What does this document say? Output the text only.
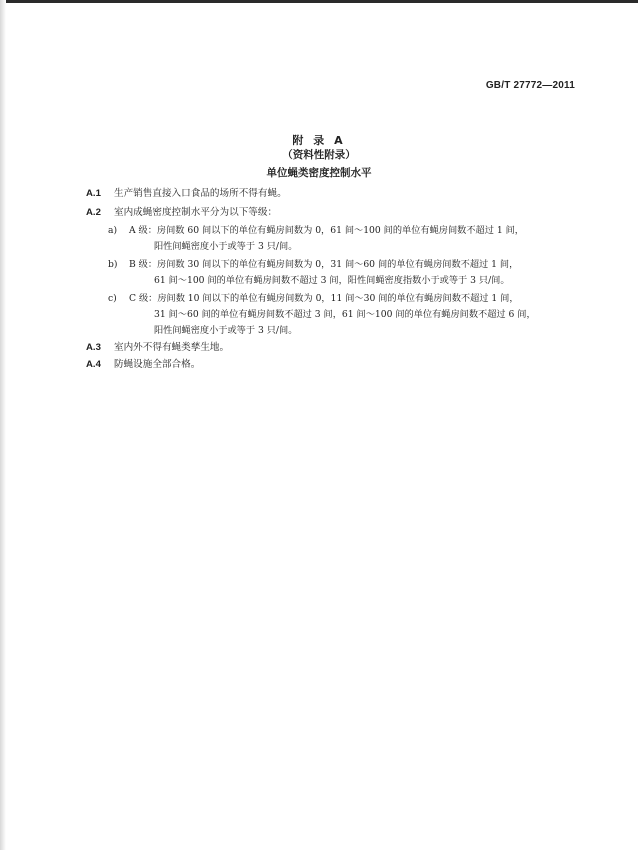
GB/T 27772—2011
附 录 A
（资料性附录）
单位蝇类密度控制水平
A.1 生产销售直接入口食品的场所不得有蝇。
A.2 室内成蝇密度控制水平分为以下等级：
a) A 级：房间数 60 间以下的单位有蝇房间数为 0，61 间～100 间的单位有蝇房间数不超过 1 间，
阳性间蝇密度小于或等于 3 只/间。
b) B 级：房间数 30 间以下的单位有蝇房间数为 0，31 间～60 间的单位有蝇房间数不超过 1 间，
61 间～100 间的单位有蝇房间数不超过 3 间，阳性间蝇密度指数小于或等于 3 只/间。
c) C 级：房间数 10 间以下的单位有蝇房间数为 0，11 间～30 间的单位有蝇房间数不超过 1 间，
31 间～60 间的单位有蝇房间数不超过 3 间，61 间～100 间的单位有蝇房间数不超过 6 间，
阳性间蝇密度小于或等于 3 只/间。
A.3 室内外不得有蝇类孳生地。
A.4 防蝇设施全部合格。
